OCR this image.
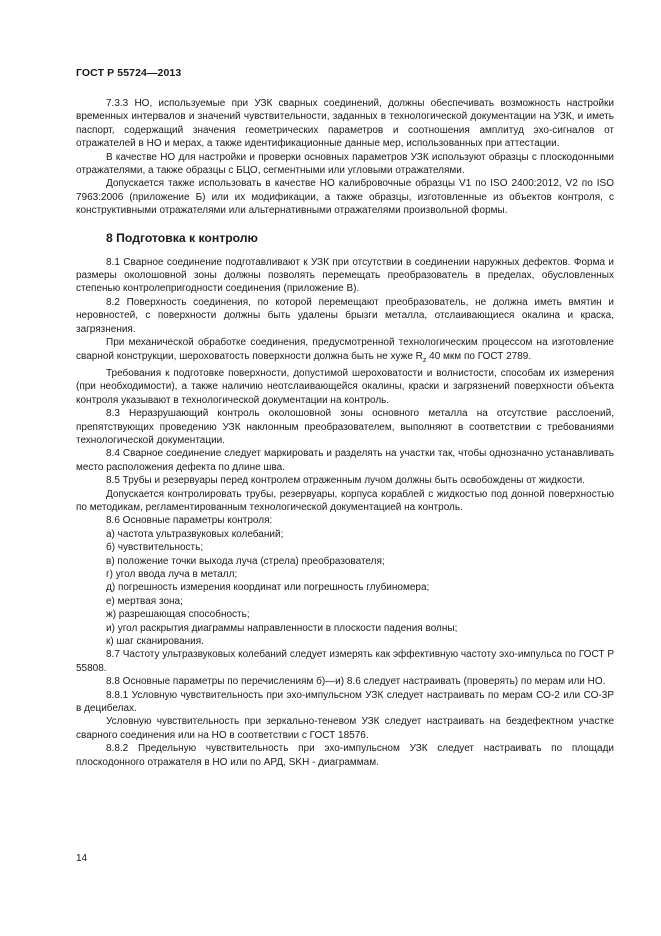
ГОСТ Р 55724—2013

7.3.3 НО, используемые при УЗК сварных соединений, должны обеспечивать возможность настройки временных интервалов и значений чувствительности, заданных в технологической документации на УЗК, и иметь паспорт, содержащий значения геометрических параметров и соотношения амплитуд эхо-сигналов от отражателей в НО и мерах, а также идентификационные данные мер, использованных при аттестации.

В качестве НО для настройки и проверки основных параметров УЗК используют образцы с плоскодонными отражателями, а также образцы с БЦО, сегментными или угловыми отражателями.

Допускается также использовать в качестве НО калибровочные образцы V1 по ISO 2400:2012, V2 по ISO 7963:2006 (приложение Б) или их модификации, а также образцы, изготовленные из объектов контроля, с конструктивными отражателями или альтернативными отражателями произвольной формы.

8 Подготовка к контролю

8.1 Сварное соединение подготавливают к УЗК при отсутствии в соединении наружных дефектов. Форма и размеры околошовной зоны должны позволять перемещать преобразователь в пределах, обусловленных степенью контролепригодности соединения (приложение В).

8.2 Поверхность соединения, по которой перемещают преобразователь, не должна иметь вмятин и неровностей, с поверхности должны быть удалены брызги металла, отслаивающиеся окалина и краска, загрязнения.

При механической обработке соединения, предусмотренной технологическим процессом на изготовление сварной конструкции, шероховатость поверхности должна быть не хуже $R_z$ 40 мкм по ГОСТ 2789.

Требования к подготовке поверхности, допустимой шероховатости и волнистости, способам их измерения (при необходимости), а также наличию неотслаивающейся окалины, краски и загрязнений поверхности объекта контроля указывают в технологической документации на контроль.

8.3 Неразрушающий контроль околошовной зоны основного металла на отсутствие расслоений, препятствующих проведению УЗК наклонным преобразователем, выполняют в соответствии с требованиями технологической документации.

8.4 Сварное соединение следует маркировать и разделять на участки так, чтобы однозначно устанавливать место расположения дефекта по длине шва.

8.5 Трубы и резервуары перед контролем отраженным лучом должны быть освобождены от жидкости.

Допускается контролировать трубы, резервуары, корпуса кораблей с жидкостью под донной поверхностью по методикам, регламентированным технологической документацией на контроль.

8.6 Основные параметры контроля:

а) частота ультразвуковых колебаний;

б) чувствительность;

в) положение точки выхода луча (стрела) преобразователя;

г) угол ввода луча в металл;

д) погрешность измерения координат или погрешность глубиномера;

е) мертвая зона;

ж) разрешающая способность;

и) угол раскрытия диаграммы направленности в плоскости падения волны;

к) шаг сканирования.

8.7 Частоту ультразвуковых колебаний следует измерять как эффективную частоту эхо-импульса по ГОСТ Р 55808.

8.8 Основные параметры по перечислениям б)—и) 8.6 следует настраивать (проверять) по мерам или НО.

8.8.1 Условную чувствительность при эхо-импульсном УЗК следует настраивать по мерам СО-2 или СО-3Р в децибелах.

Условную чувствительность при зеркально-теневом УЗК следует настраивать на бездефектном участке сварного соединения или на НО в соответствии с ГОСТ 18576.

8.8.2 Предельную чувствительность при эхо-импульсном УЗК следует настраивать по площади плоскодонного отражателя в НО или по АРД, SKH - диаграммам.

14
